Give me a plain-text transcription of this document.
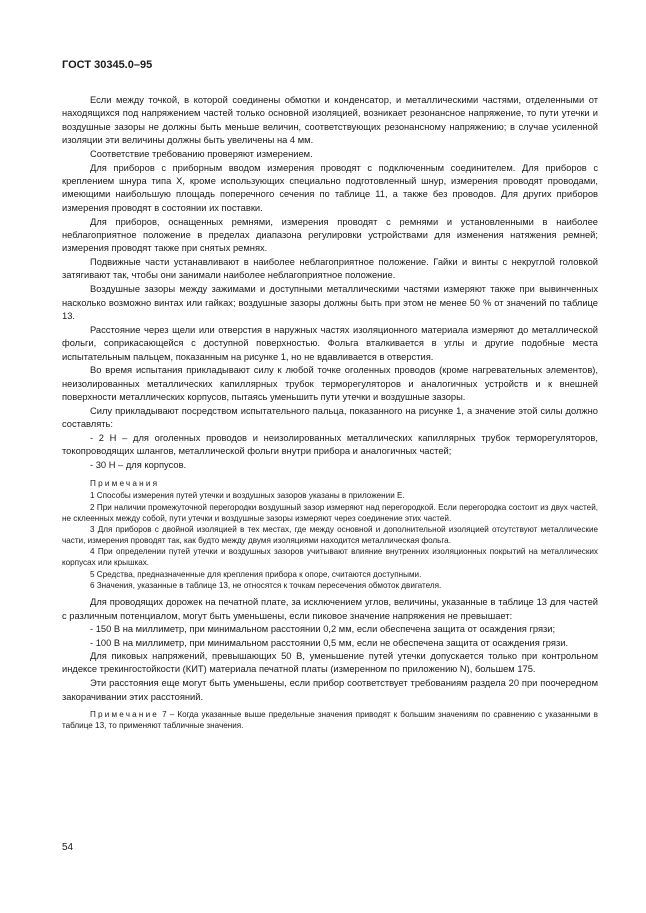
ГОСТ 30345.0–95

Если между точкой, в которой соединены обмотки и конденсатор, и металлическими частями, отделенными от находящихся под напряжением частей только основной изоляцией, возникает резонансное напряжение, то пути утечки и воздушные зазоры не должны быть меньше величин, соответствующих резонансному напряжению; в случае усиленной изоляции эти величины должны быть увеличены на 4 мм.

Соответствие требованию проверяют измерением.

Для приборов с приборным вводом измерения проводят с подключенным соединителем. Для приборов с креплением шнура типа X, кроме использующих специально подготовленный шнур, измерения проводят проводами, имеющими наибольшую площадь поперечного сечения по таблице 11, а также без проводов. Для других приборов измерения проводят в состоянии их поставки.

Для приборов, оснащенных ремнями, измерения проводят с ремнями и установленными в наиболее неблагоприятное положение в пределах диапазона регулировки устройствами для изменения натяжения ремней; измерения проводят также при снятых ремнях.

Подвижные части устанавливают в наиболее неблагоприятное положение. Гайки и винты с некруглой головкой затягивают так, чтобы они занимали наиболее неблагоприятное положение.

Воздушные зазоры между зажимами и доступными металлическими частями измеряют также при вывинченных насколько возможно винтах или гайках; воздушные зазоры должны быть при этом не менее 50 % от значений по таблице 13.

Расстояние через щели или отверстия в наружных частях изоляционного материала измеряют до металлической фольги, соприкасающейся с доступной поверхностью. Фольга вталкивается в углы и другие подобные места испытательным пальцем, показанным на рисунке 1, но не вдавливается в отверстия.

Во время испытания прикладывают силу к любой точке оголенных проводов (кроме нагревательных элементов), неизолированных металлических капиллярных трубок терморегуляторов и аналогичных устройств и к внешней поверхности металлических корпусов, пытаясь уменьшить пути утечки и воздушные зазоры.

Силу прикладывают посредством испытательного пальца, показанного на рисунке 1, а значение этой силы должно составлять:

- 2 Н – для оголенных проводов и неизолированных металлических капиллярных трубок терморегуляторов, токопроводящих шлангов, металлической фольги внутри прибора и аналогичных частей;

- 30 Н – для корпусов.

Примечания

1 Способы измерения путей утечки и воздушных зазоров указаны в приложении Е.

2 При наличии промежуточной перегородки воздушный зазор измеряют над перегородкой. Если перегородка состоит из двух частей, не склеенных между собой, пути утечки и воздушные зазоры измеряют через соединение этих частей.

3 Для приборов с двойной изоляцией в тех местах, где между основной и дополнительной изоляцией отсутствуют металлические части, измерения проводят так, как будто между двумя изоляциями находится металлическая фольга.

4 При определении путей утечки и воздушных зазоров учитывают влияние внутренних изоляционных покрытий на металлических корпусах или крышках.

5 Средства, предназначенные для крепления прибора к опоре, считаются доступными.

6 Значения, указанные в таблице 13, не относятся к точкам пересечения обмоток двигателя.

Для проводящих дорожек на печатной плате, за исключением углов, величины, указанные в таблице 13 для частей с различным потенциалом, могут быть уменьшены, если пиковое значение напряжения не превышает:

- 150 В на миллиметр, при минимальном расстоянии 0,2 мм, если обеспечена защита от осаждения грязи;

- 100 В на миллиметр, при минимальном расстоянии 0,5 мм, если не обеспечена защита от осаждения грязи.

Для пиковых напряжений, превышающих 50 В, уменьшение путей утечки допускается только при контрольном индексе трекингостойкости (КИТ) материала печатной платы (измеренном по приложению N), большем 175.

Эти расстояния еще могут быть уменьшены, если прибор соответствует требованиям раздела 20 при поочередном закорачивании этих расстояний.

Примечание 7 – Когда указанные выше предельные значения приводят к большим значениям по сравнению с указанными в таблице 13, то применяют табличные значения.

54
